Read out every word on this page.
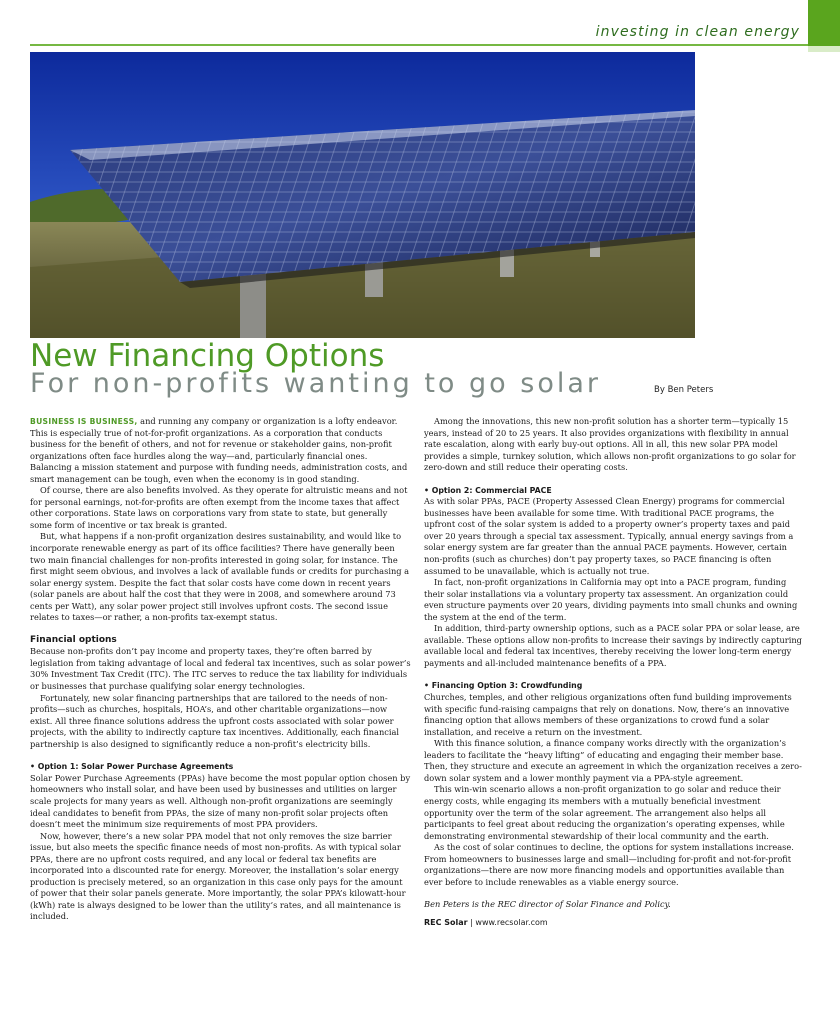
investing in clean energy
New Financing Options
For non-profits wanting to go solar	By Ben Peters

BUSINESS IS BUSINESS, and running any company or organization is a lofty endeavor. This is especially true of not-for-profit organizations. As a corporation that conducts business for the benefit of others, and not for revenue or stakeholder gains, non-profit organizations often face hurdles along the way—and, particularly financial ones. Balancing a mission statement and purpose with funding needs, administration costs, and smart management can be tough, even when the economy is in good standing.

Of course, there are also benefits involved. As they operate for altruistic means and not for personal earnings, not-for-profits are often exempt from the income taxes that affect other corporations. State laws on corporations vary from state to state, but generally some form of incentive or tax break is granted.

But, what happens if a non-profit organization desires sustainability, and would like to incorporate renewable energy as part of its office facilities? There have generally been two main financial challenges for non-profits interested in going solar, for instance. The first might seem obvious, and involves a lack of available funds or credits for purchasing a solar energy system. Despite the fact that solar costs have come down in recent years (solar panels are about half the cost that they were in 2008, and somewhere around 73 cents per Watt), any solar power project still involves upfront costs. The second issue relates to taxes—or rather, a non-profits tax-exempt status.

Financial options

Because non-profits don’t pay income and property taxes, they’re often barred by legislation from taking advantage of local and federal tax incentives, such as solar power’s 30% Investment Tax Credit (ITC). The ITC serves to reduce the tax liability for individuals or businesses that purchase qualifying solar energy technologies.

Fortunately, new solar financing partnerships that are tailored to the needs of non-profits—such as churches, hospitals, HOA’s, and other charitable organizations—now exist. All three finance solutions address the upfront costs associated with solar power projects, with the ability to indirectly capture tax incentives. Additionally, each financial partnership is also designed to significantly reduce a non-profit’s electricity bills.

• Option 1: Solar Power Purchase Agreements

Solar Power Purchase Agreements (PPAs) have become the most popular option chosen by homeowners who install solar, and have been used by businesses and utilities on larger scale projects for many years as well. Although non-profit organizations are seemingly ideal candidates to benefit from PPAs, the size of many non-profit solar projects often doesn’t meet the minimum size requirements of most PPA providers.

Now, however, there’s a new solar PPA model that not only removes the size barrier issue, but also meets the specific finance needs of most non-profits. As with typical solar PPAs, there are no upfront costs required, and any local or federal tax benefits are incorporated into a discounted rate for energy. Moreover, the installation’s solar energy production is precisely metered, so an organization in this case only pays for the amount of power that their solar panels generate. More importantly, the solar PPA’s kilowatt-hour (kWh) rate is always designed to be lower than the utility’s rates, and all maintenance is included.

Among the innovations, this new non-profit solution has a shorter term—typically 15 years, instead of 20 to 25 years. It also provides organizations with flexibility in annual rate escalation, along with early buy-out options. All in all, this new solar PPA model provides a simple, turnkey solution, which allows non-profit organizations to go solar for zero-down and still reduce their operating costs.

• Option 2: Commercial PACE

As with solar PPAs, PACE (Property Assessed Clean Energy) programs for commercial businesses have been available for some time. With traditional PACE programs, the upfront cost of the solar system is added to a property owner’s property taxes and paid over 20 years through a special tax assessment. Typically, annual energy savings from a solar energy system are far greater than the annual PACE payments. However, certain non-profits (such as churches) don’t pay property taxes, so PACE financing is often assumed to be unavailable, which is actually not true.

In fact, non-profit organizations in California may opt into a PACE program, funding their solar installations via a voluntary property tax assessment. An organization could even structure payments over 20 years, dividing payments into small chunks and owning the system at the end of the term.

In addition, third-party ownership options, such as a PACE solar PPA or solar lease, are available. These options allow non-profits to increase their savings by indirectly capturing available local and federal tax incentives, thereby receiving the lower long-term energy payments and all-included maintenance benefits of a PPA.

• Financing Option 3: Crowdfunding

Churches, temples, and other religious organizations often fund building improvements with specific fund-raising campaigns that rely on donations. Now, there’s an innovative financing option that allows members of these organizations to crowd fund a solar installation, and receive a return on the investment.

With this finance solution, a finance company works directly with the organization’s leaders to facilitate the “heavy lifting” of educating and engaging their member base. Then, they structure and execute an agreement in which the organization receives a zero-down solar system and a lower monthly payment via a PPA-style agreement.

This win-win scenario allows a non-profit organization to go solar and reduce their energy costs, while engaging its members with a mutually beneficial investment opportunity over the term of the solar agreement. The arrangement also helps all participants to feel great about reducing the organization’s operating expenses, while demonstrating environmental stewardship of their local community and the earth.

As the cost of solar continues to decline, the options for system installations increase.

From homeowners to businesses large and small—including for-profit and not-for-profit organizations—there are now more financing models and opportunities available than ever before to include renewables as a viable energy source.

Ben Peters is the REC director of Solar Finance and Policy.

REC Solar | www.recsolar.com
